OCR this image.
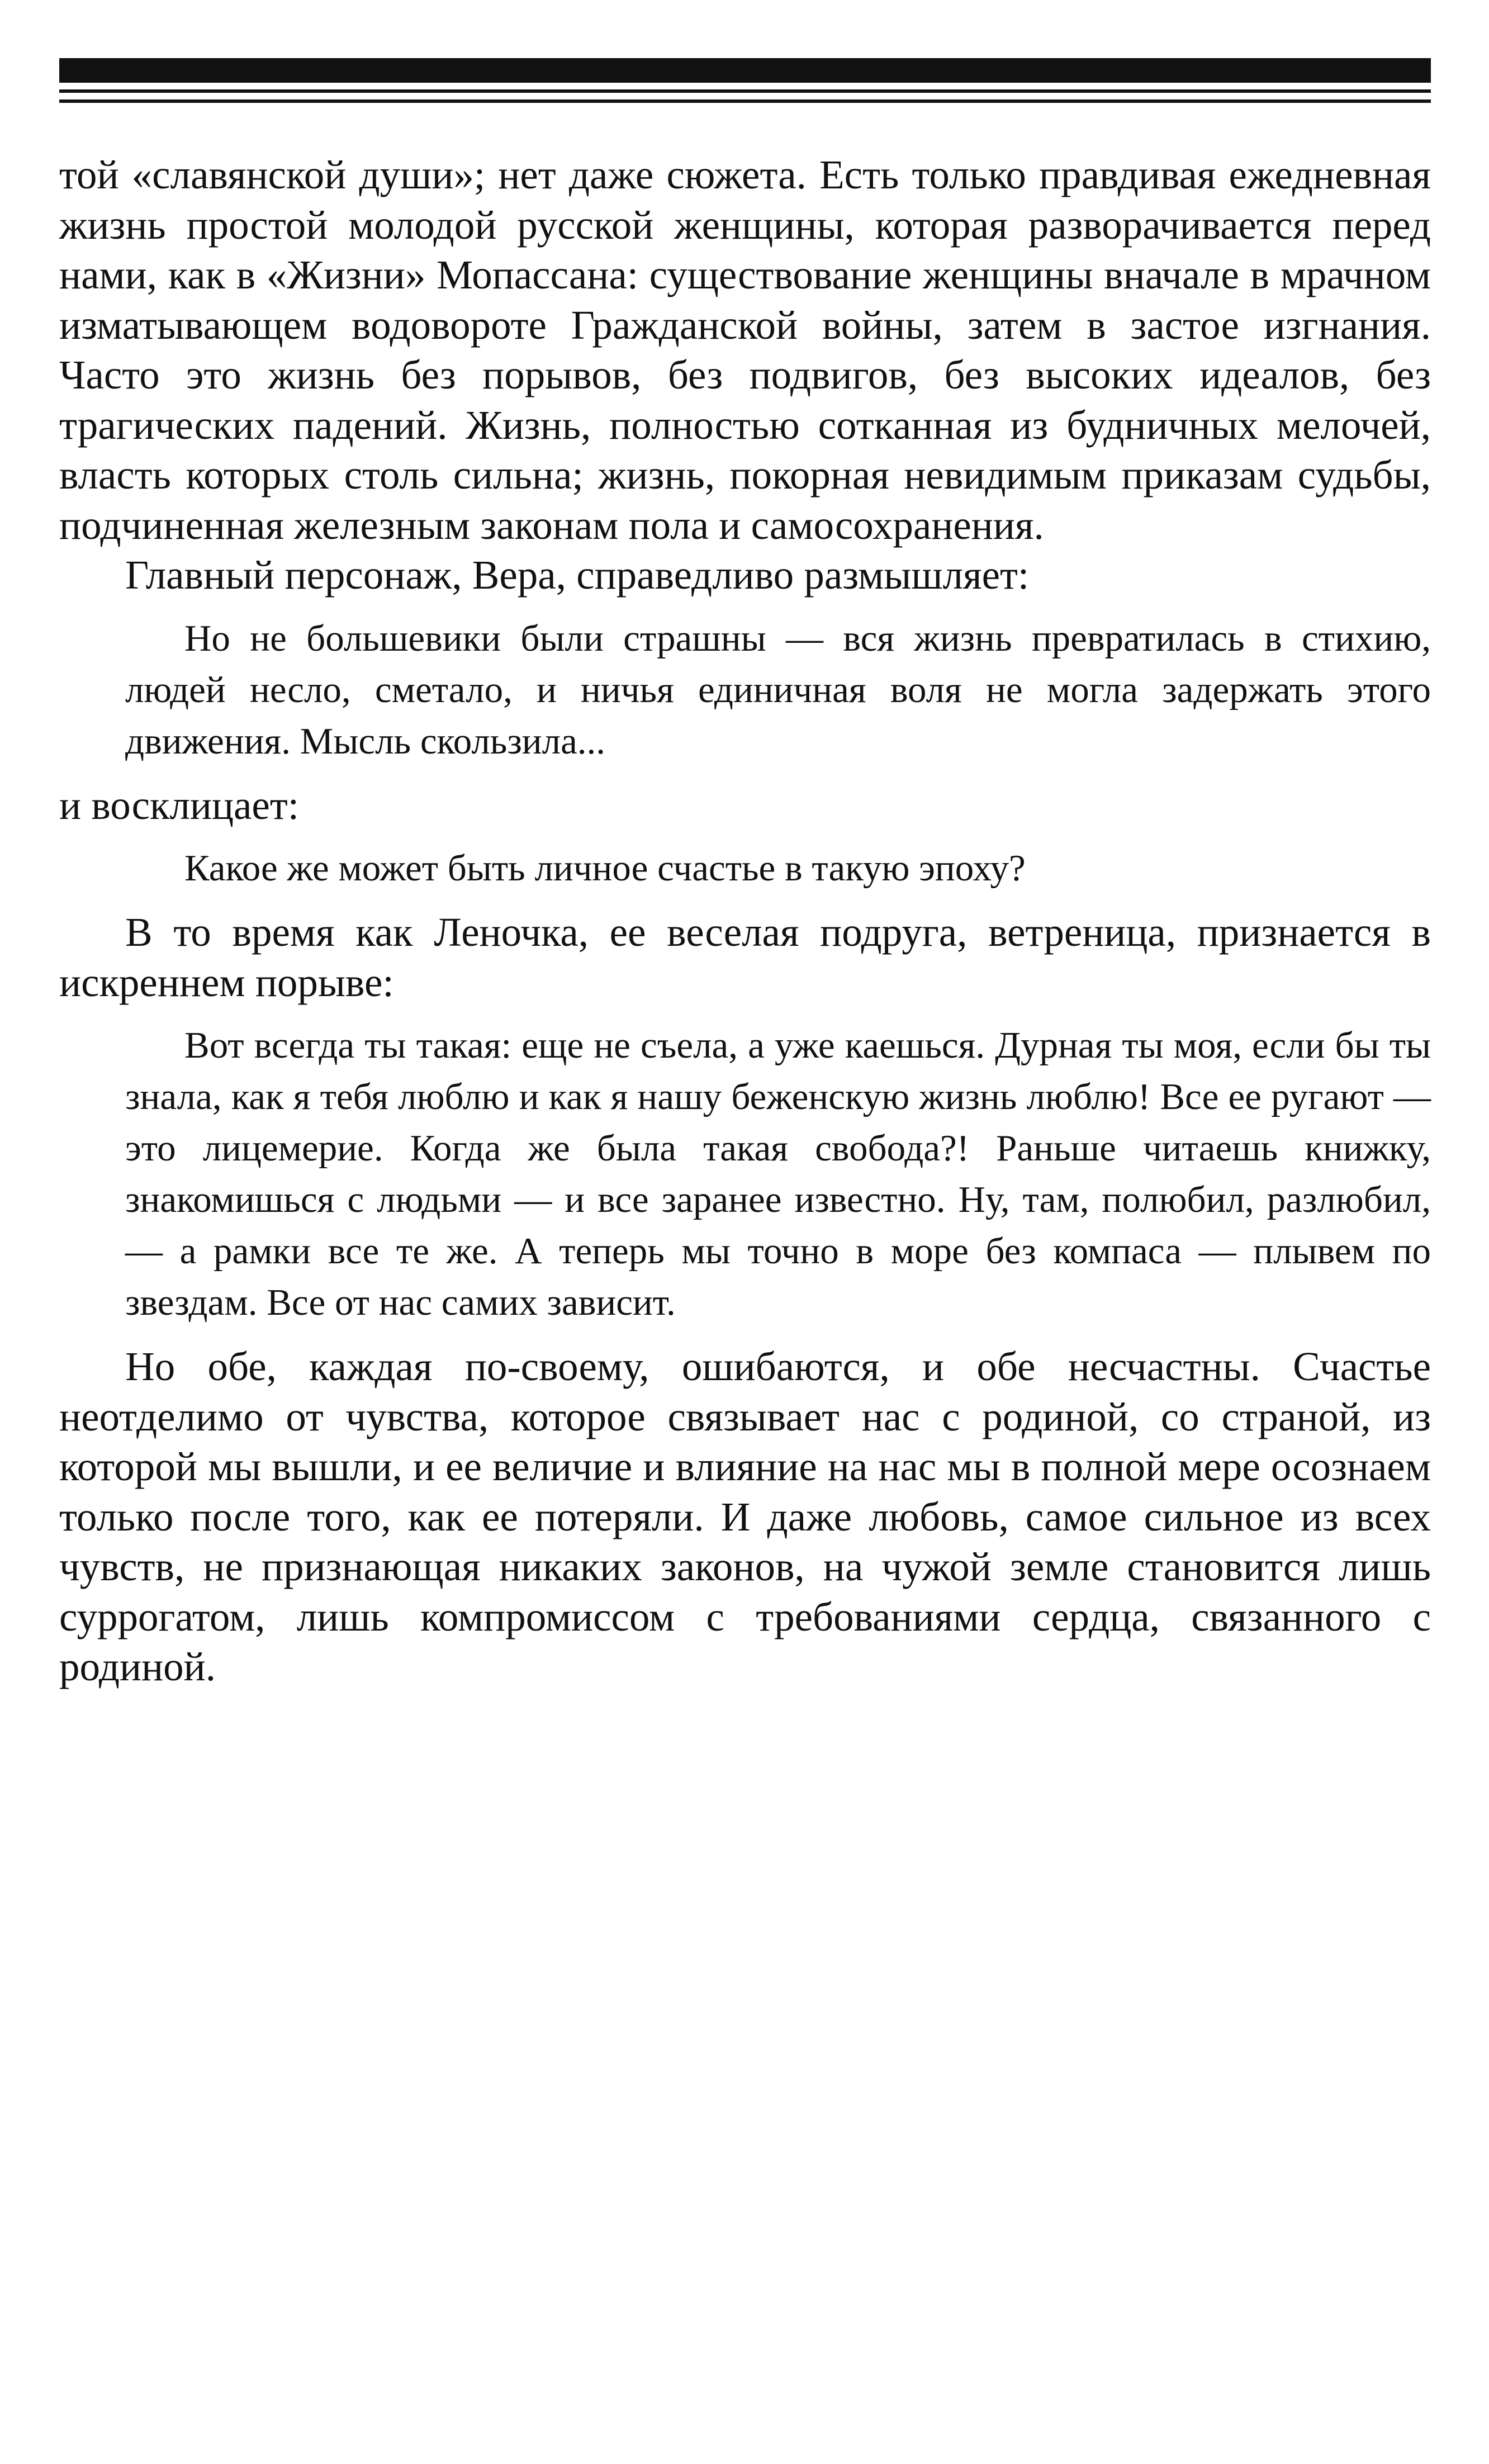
той «славянской души»; нет даже сюжета. Есть только правдивая ежедневная жизнь простой молодой русской женщины, которая разворачивается перед нами, как в «Жизни» Мопассана: существование женщины вначале в мрачном изматывающем водовороте Гражданской войны, затем в застое изгнания. Часто это жизнь без порывов, без подвигов, без высоких идеалов, без трагических падений. Жизнь, полностью сотканная из будничных мелочей, власть которых столь сильна; жизнь, покорная невидимым приказам судьбы, подчиненная железным законам пола и самосохранения.

Главный персонаж, Вера, справедливо размышляет:

Но не большевики были страшны — вся жизнь превратилась в стихию, людей несло, сметало, и ничья единичная воля не могла задержать этого движения. Мысль скользила...

и восклицает:

Какое же может быть личное счастье в такую эпоху?

В то время как Леночка, ее веселая подруга, ветреница, признается в искреннем порыве:

Вот всегда ты такая: еще не съела, а уже каешься. Дурная ты моя, если бы ты знала, как я тебя люблю и как я нашу беженскую жизнь люблю! Все ее ругают — это лицемерие. Когда же была такая свобода?! Раньше читаешь книжку, знакомишься с людьми — и все заранее известно. Ну, там, полюбил, разлюбил, — а рамки все те же. А теперь мы точно в море без компаса — плывем по звездам. Все от нас самих зависит.

Но обе, каждая по-своему, ошибаются, и обе несчастны. Счастье неотделимо от чувства, которое связывает нас с родиной, со страной, из которой мы вышли, и ее величие и влияние на нас мы в полной мере осознаем только после того, как ее потеряли. И даже любовь, самое сильное из всех чувств, не признающая никаких законов, на чужой земле становится лишь суррогатом, лишь компромиссом с требованиями сердца, связанного с родиной.
